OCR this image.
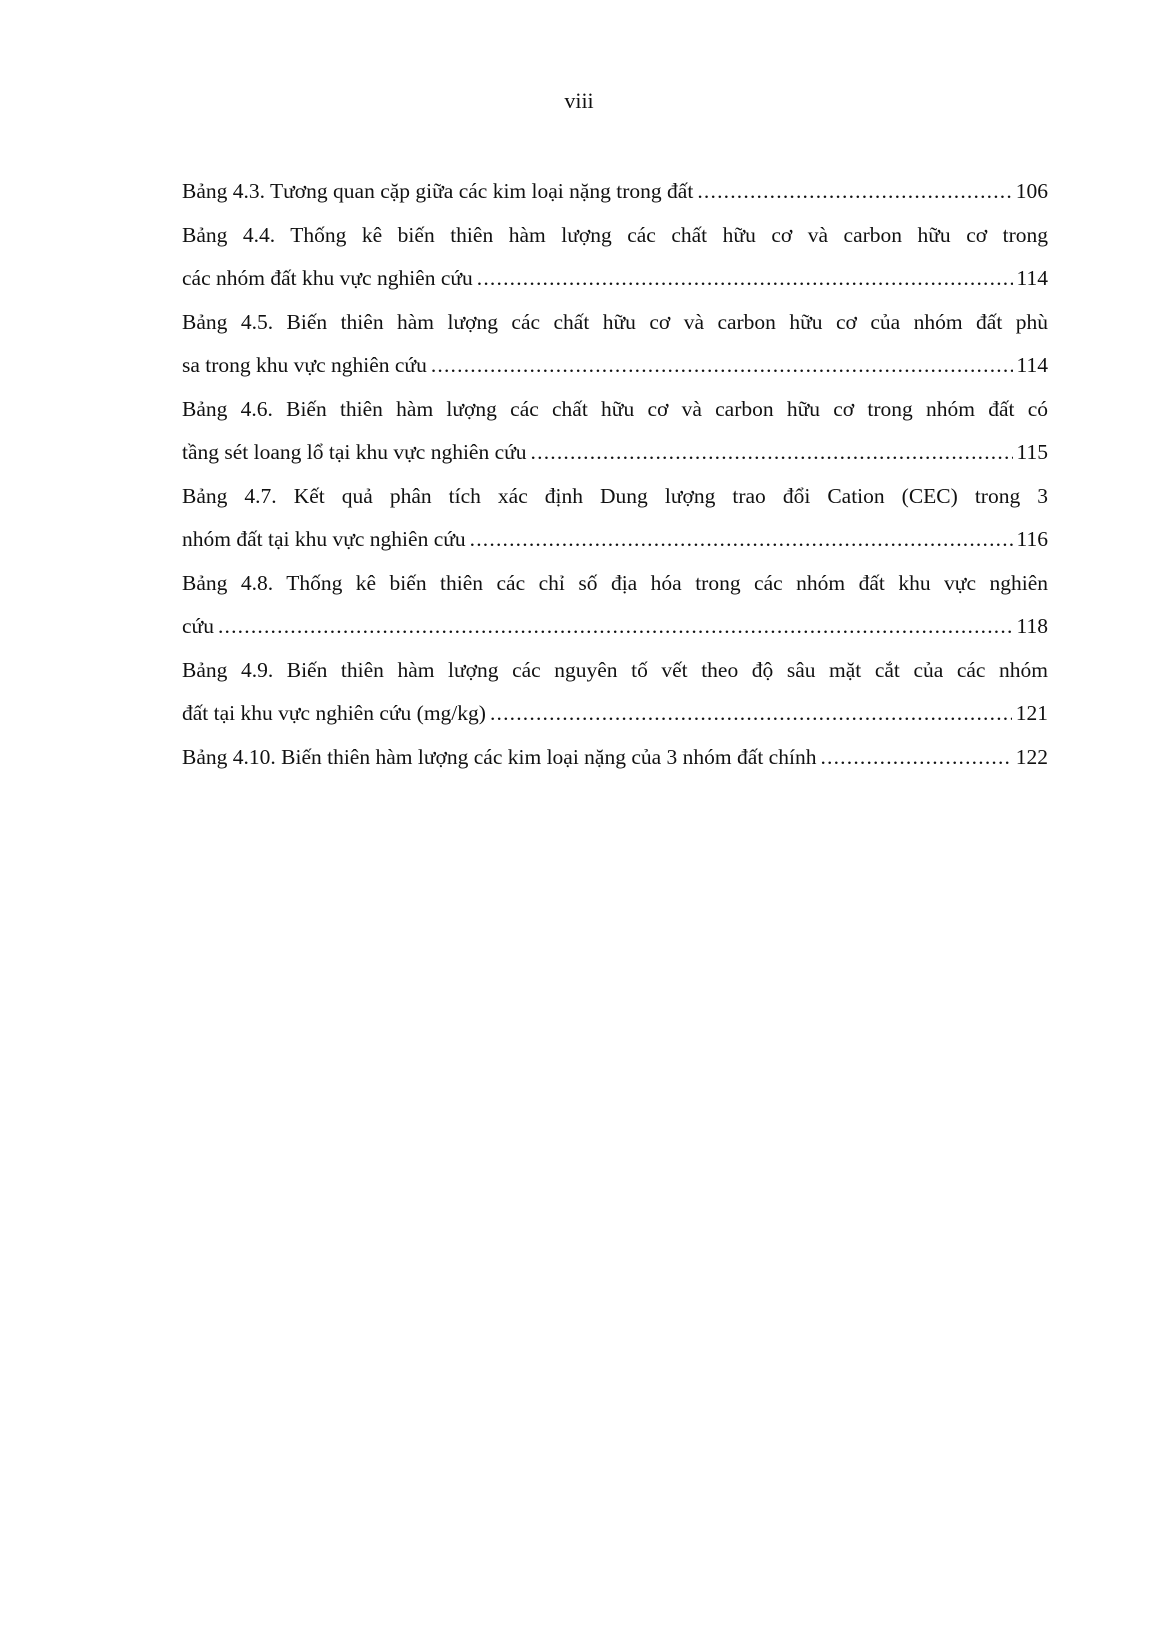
viii
Bảng 4.3. Tương quan cặp giữa các kim loại nặng trong đất .....	106
Bảng 4.4. Thống kê biến thiên hàm lượng các chất hữu cơ và carbon hữu cơ trong
các nhóm đất khu vực nghiên cứu .....	114
Bảng 4.5. Biến thiên hàm lượng các chất hữu cơ và carbon hữu cơ của nhóm đất phù
sa trong khu vực nghiên cứu .....	114
Bảng 4.6. Biến thiên hàm lượng các chất hữu cơ và carbon hữu cơ trong nhóm đất có
tầng sét loang lổ tại khu vực nghiên cứu .....	115
Bảng 4.7. Kết quả phân tích xác định Dung lượng trao đổi Cation (CEC) trong 3
nhóm đất tại khu vực nghiên cứu .....	116
Bảng 4.8. Thống kê biến thiên các chỉ số địa hóa trong các nhóm đất khu vực nghiên
cứu .....	118
Bảng 4.9. Biến thiên hàm lượng các nguyên tố vết theo độ sâu mặt cắt của các nhóm
đất tại khu vực nghiên cứu (mg/kg) .....	121
Bảng 4.10. Biến thiên hàm lượng các kim loại nặng của 3 nhóm đất chính .....	122
